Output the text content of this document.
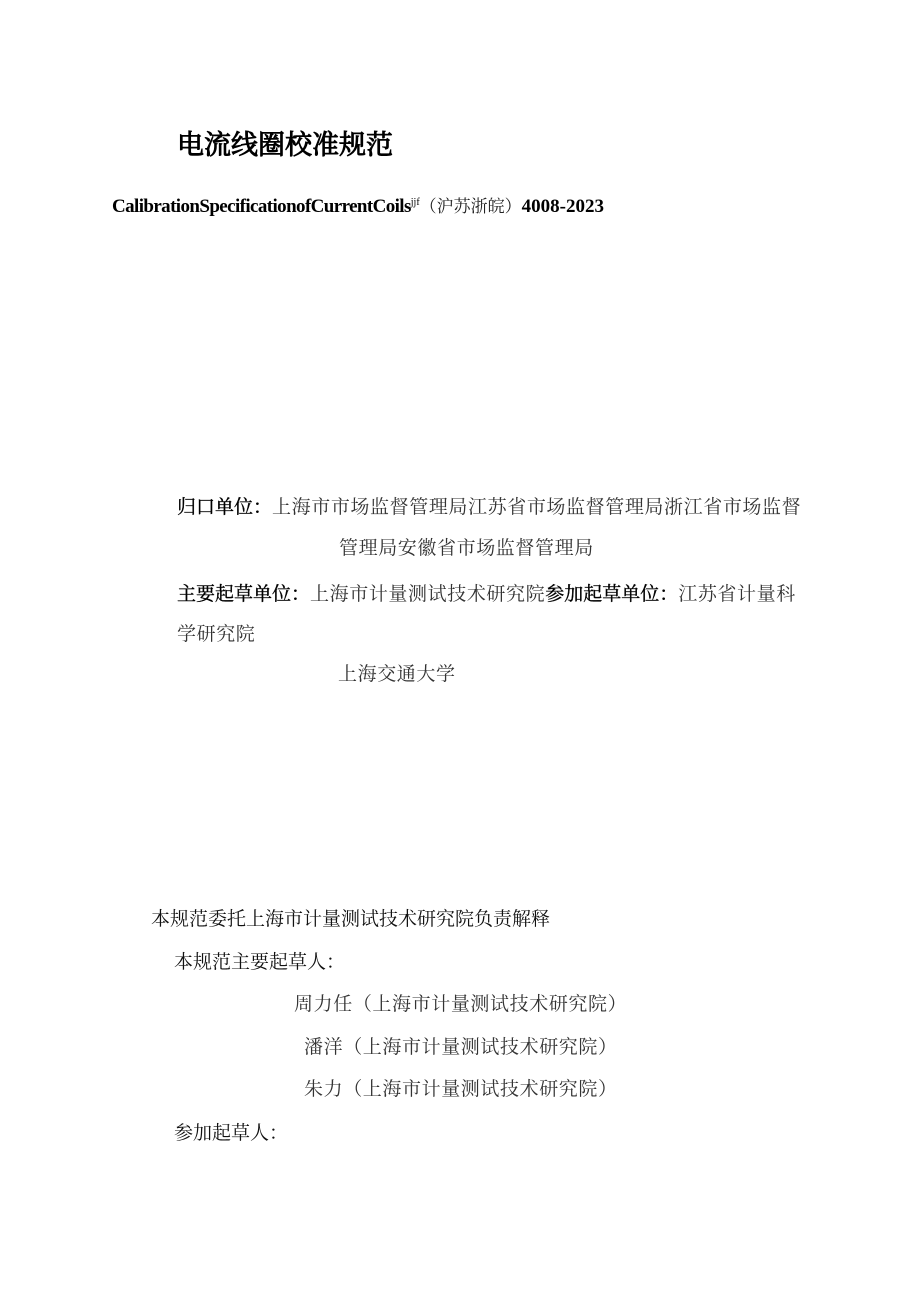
电流线圈校准规范
CalibrationSpecificationofCurrentCoils$^{jjf}$（沪苏浙皖）4008-2023
归口单位：上海市市场监督管理局江苏省市场监督管理局浙江省市场监督
管理局安徽省市场监督管理局
主要起草单位：上海市计量测试技术研究院参加起草单位：江苏省计量科
学研究院
上海交通大学
本规范委托上海市计量测试技术研究院负责解释
本规范主要起草人：
周力任（上海市计量测试技术研究院）
潘洋（上海市计量测试技术研究院）
朱力（上海市计量测试技术研究院）
参加起草人：
